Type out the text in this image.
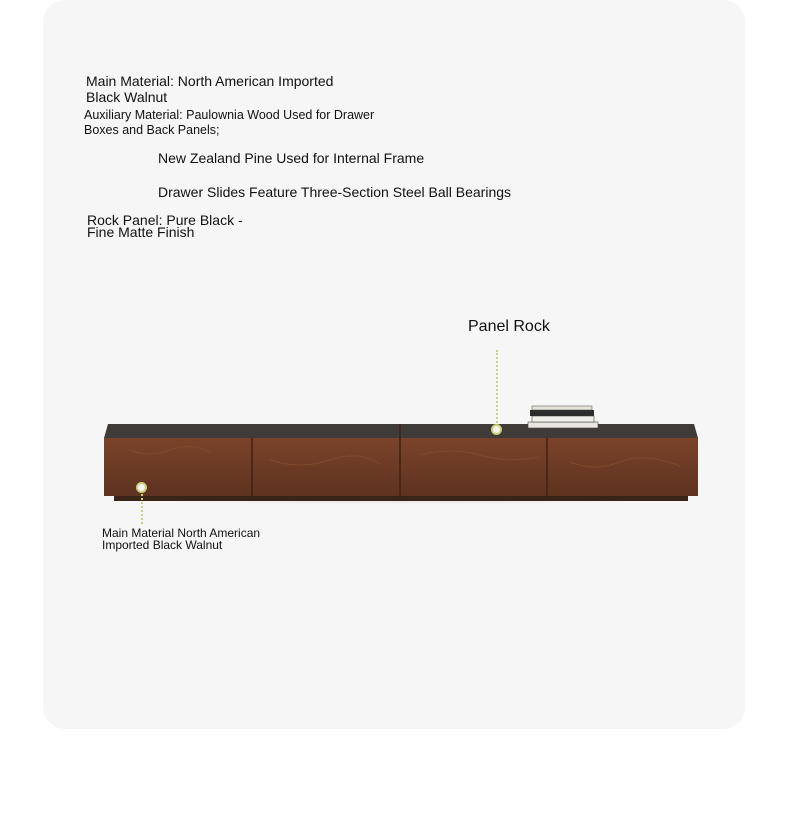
Main Material: North American Imported
Black Walnut
Auxiliary Material: Paulownia Wood Used for Drawer
Boxes and Back Panels;
New Zealand Pine Used for Internal Frame
Drawer Slides Feature Three-Section Steel Ball Bearings
Rock Panel: Pure Black -
Fine Matte Finish
Panel Rock
Main Material North American
Imported Black Walnut
